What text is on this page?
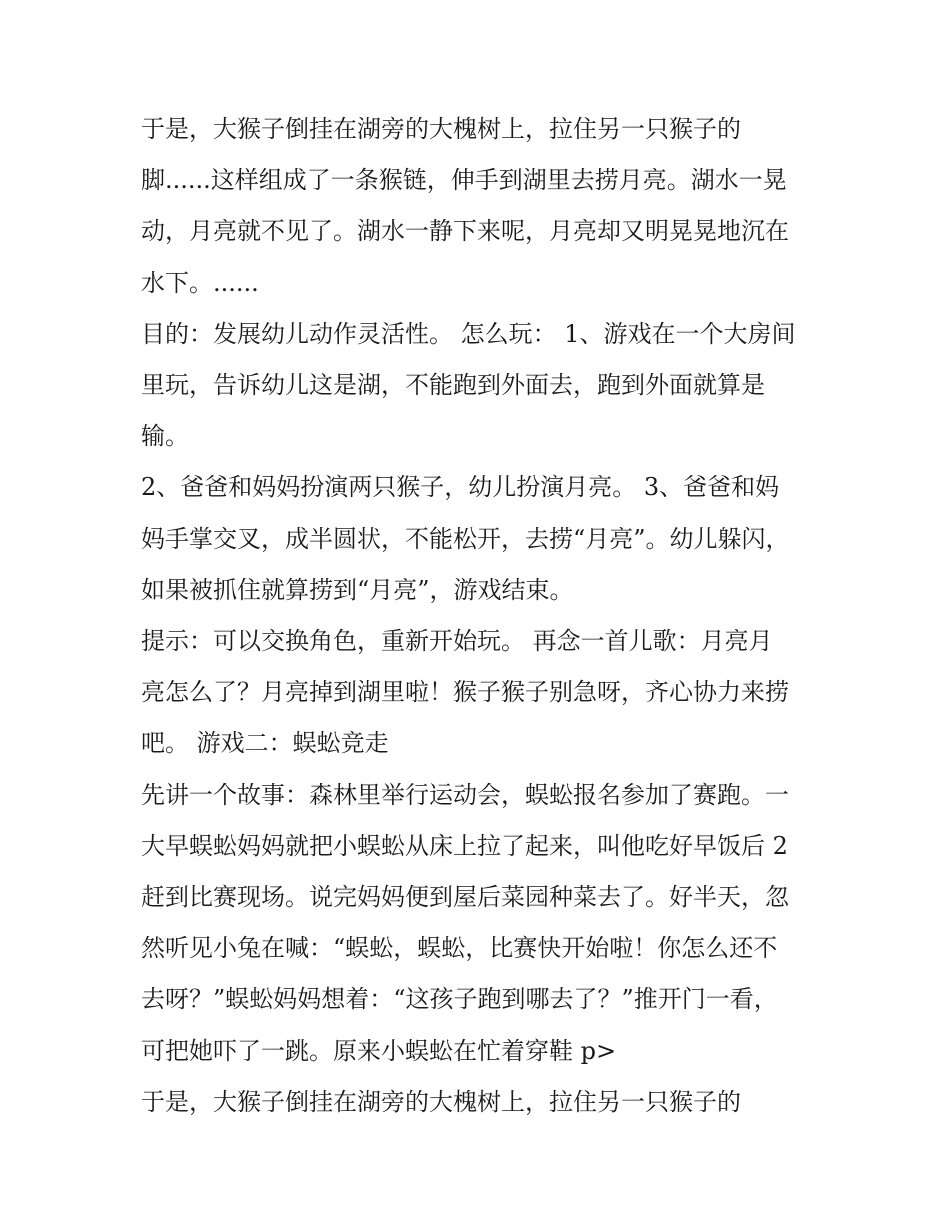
于是，大猴子倒挂在湖旁的大槐树上，拉住另一只猴子的
脚......这样组成了一条猴链，伸手到湖里去捞月亮。湖水一晃
动，月亮就不见了。湖水一静下来呢，月亮却又明晃晃地沉在
水下。......
目的：发展幼儿动作灵活性。 怎么玩： 1、游戏在一个大房间
里玩，告诉幼儿这是湖，不能跑到外面去，跑到外面就算是
输。
2、爸爸和妈妈扮演两只猴子，幼儿扮演月亮。 3、爸爸和妈
妈手掌交叉，成半圆状，不能松开，去捞“月亮”。幼儿躲闪，
如果被抓住就算捞到“月亮”，游戏结束。
提示：可以交换角色，重新开始玩。 再念一首儿歌：月亮月
亮怎么了？月亮掉到湖里啦！猴子猴子别急呀，齐心协力来捞
吧。 游戏二：蜈蚣竞走
先讲一个故事：森林里举行运动会，蜈蚣报名参加了赛跑。一
大早蜈蚣妈妈就把小蜈蚣从床上拉了起来，叫他吃好早饭后 2
赶到比赛现场。说完妈妈便到屋后菜园种菜去了。好半天，忽
然听见小兔在喊：“蜈蚣，蜈蚣，比赛快开始啦！你怎么还不
去呀？”蜈蚣妈妈想着：“这孩子跑到哪去了？”推开门一看，
可把她吓了一跳。原来小蜈蚣在忙着穿鞋 p>
于是，大猴子倒挂在湖旁的大槐树上，拉住另一只猴子的
